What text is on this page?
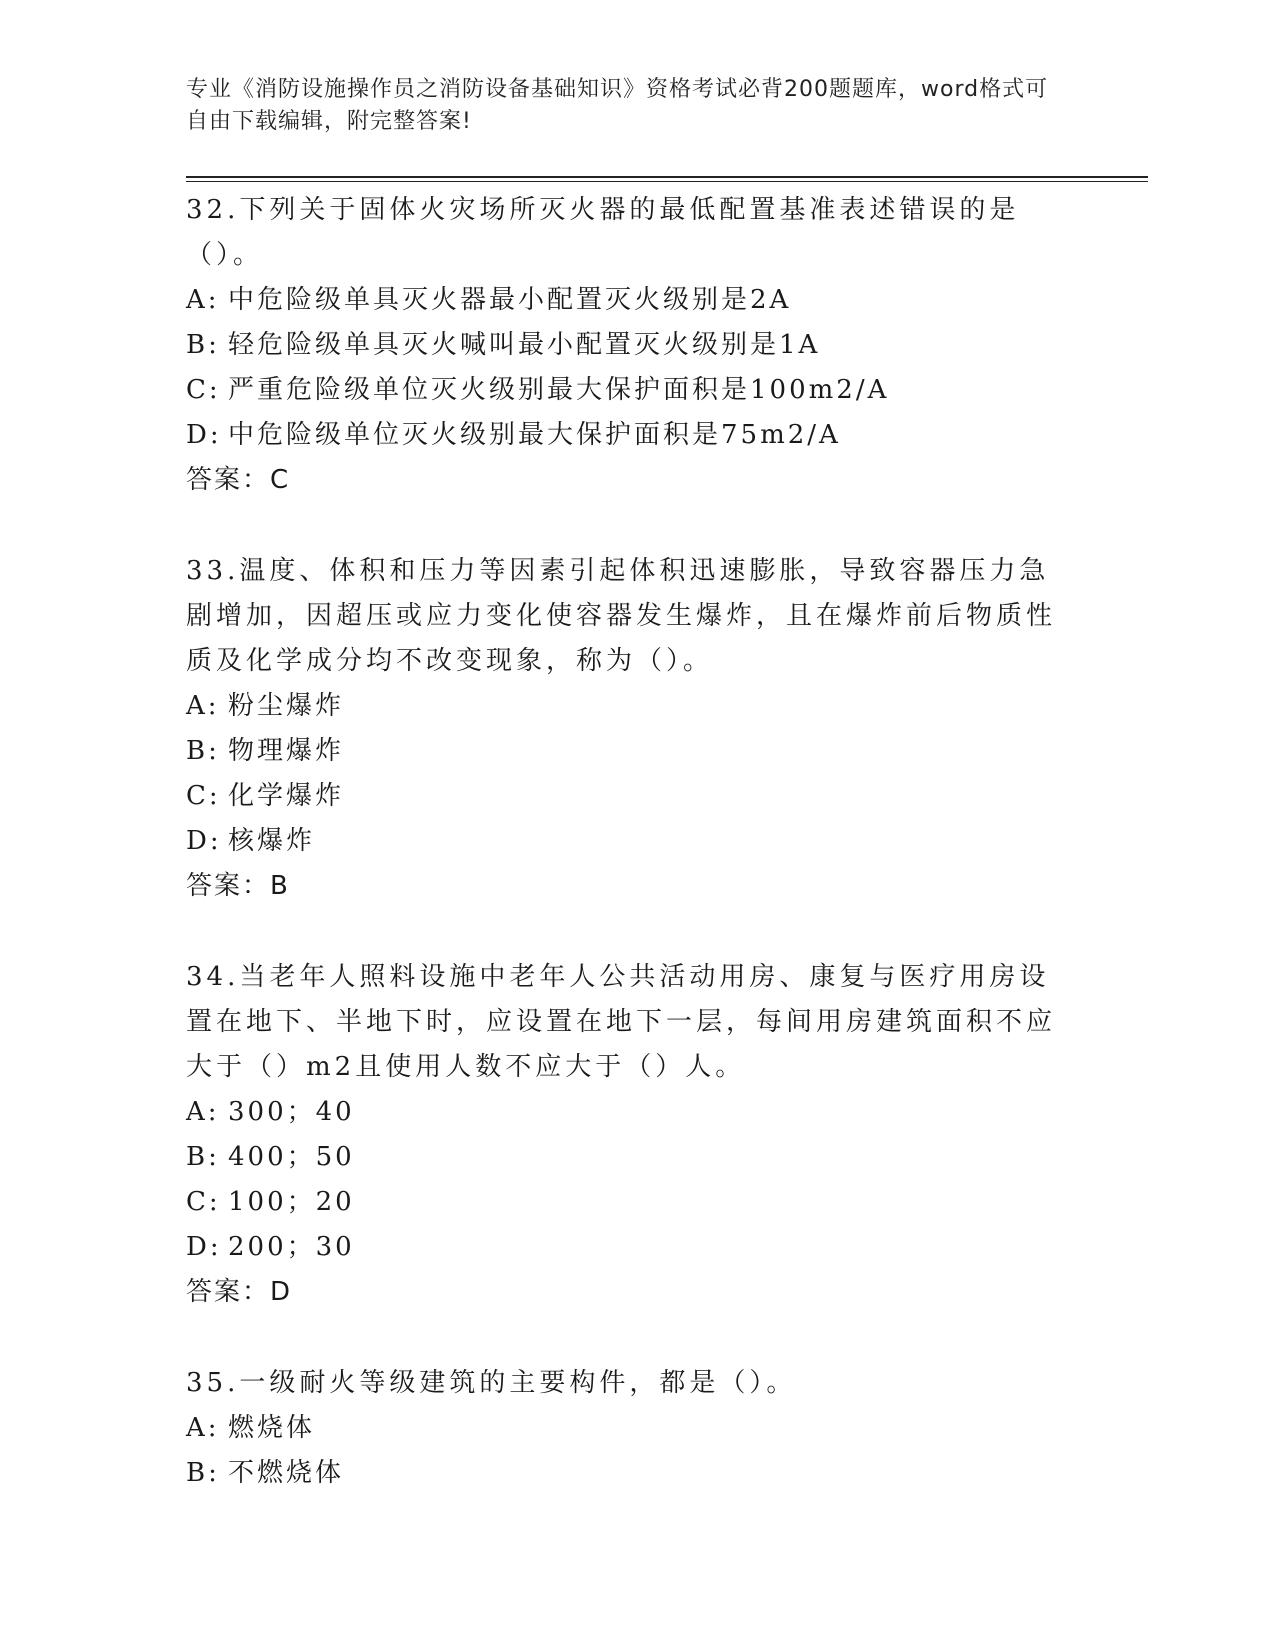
专业《消防设施操作员之消防设备基础知识》资格考试必背200题题库，word格式可自由下载编辑，附完整答案!

32.下列关于固体火灾场所灭火器的最低配置基准表述错误的是（）。

A: 中危险级单具灭火器最小配置灭火级别是2A

B: 轻危险级单具灭火喊叫最小配置灭火级别是1A

C: 严重危险级单位灭火级别最大保护面积是100m2/A

D: 中危险级单位灭火级别最大保护面积是75m2/A

答案：C

33.温度、体积和压力等因素引起体积迅速膨胀，导致容器压力急剧增加，因超压或应力变化使容器发生爆炸，且在爆炸前后物质性质及化学成分均不改变现象，称为（）。

A: 粉尘爆炸

B: 物理爆炸

C: 化学爆炸

D: 核爆炸

答案：B

34.当老年人照料设施中老年人公共活动用房、康复与医疗用房设置在地下、半地下时，应设置在地下一层，每间用房建筑面积不应大于（）m2且使用人数不应大于（）人。

A: 300；40

B: 400；50

C: 100；20

D: 200；30

答案：D

35.一级耐火等级建筑的主要构件，都是（）。

A: 燃烧体

B: 不燃烧体
